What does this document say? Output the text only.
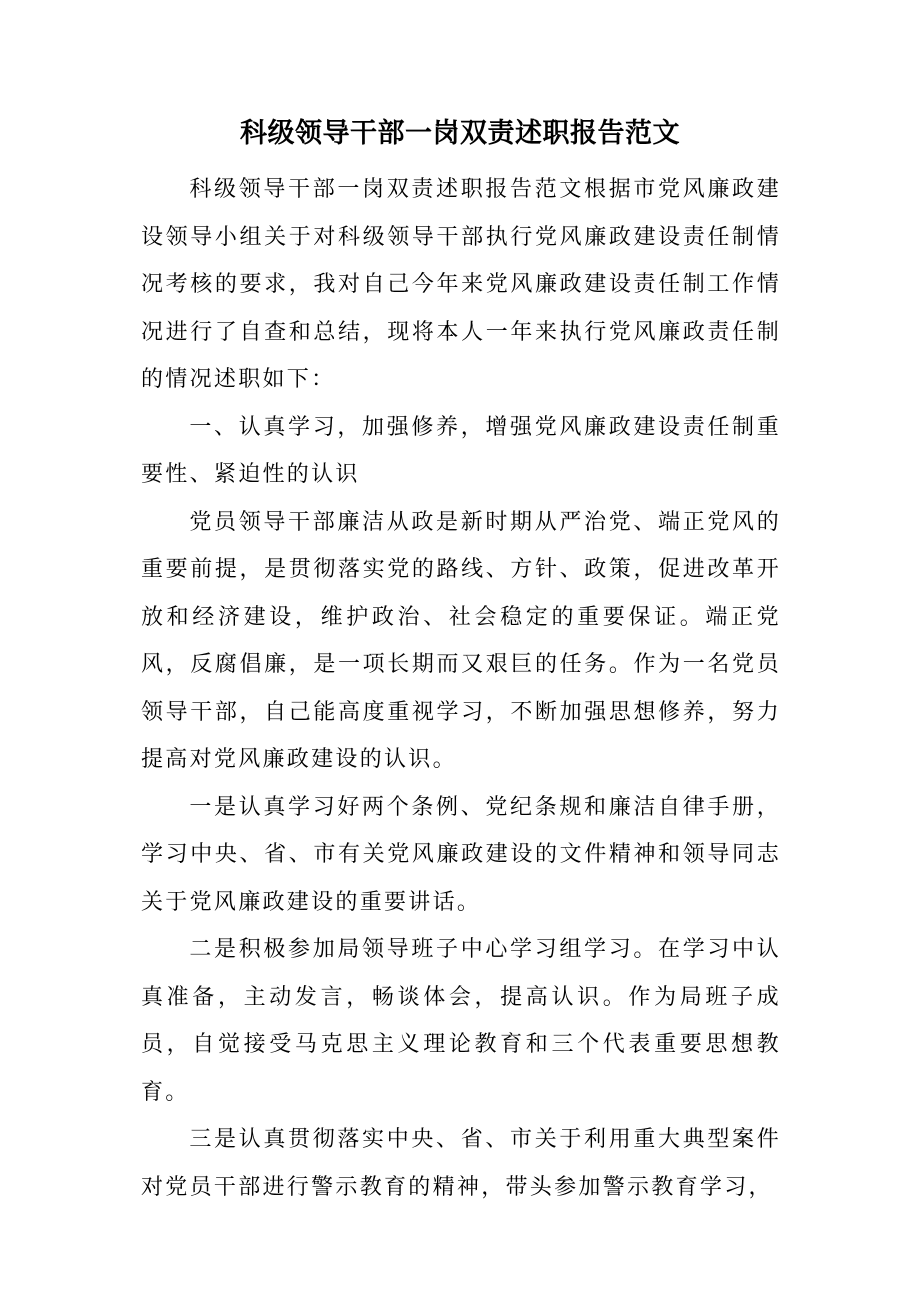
科级领导干部一岗双责述职报告范文

科级领导干部一岗双责述职报告范文根据市党风廉政建设领导小组关于对科级领导干部执行党风廉政建设责任制情况考核的要求，我对自己今年来党风廉政建设责任制工作情况进行了自查和总结，现将本人一年来执行党风廉政责任制的情况述职如下：

一、认真学习，加强修养，增强党风廉政建设责任制重要性、紧迫性的认识

党员领导干部廉洁从政是新时期从严治党、端正党风的重要前提，是贯彻落实党的路线、方针、政策，促进改革开放和经济建设，维护政治、社会稳定的重要保证。端正党风，反腐倡廉，是一项长期而又艰巨的任务。作为一名党员领导干部，自己能高度重视学习，不断加强思想修养，努力提高对党风廉政建设的认识。

一是认真学习好两个条例、党纪条规和廉洁自律手册，学习中央、省、市有关党风廉政建设的文件精神和领导同志关于党风廉政建设的重要讲话。

二是积极参加局领导班子中心学习组学习。在学习中认真准备，主动发言，畅谈体会，提高认识。作为局班子成员，自觉接受马克思主义理论教育和三个代表重要思想教育。

三是认真贯彻落实中央、省、市关于利用重大典型案件对党员干部进行警示教育的精神，带头参加警示教育学习，
